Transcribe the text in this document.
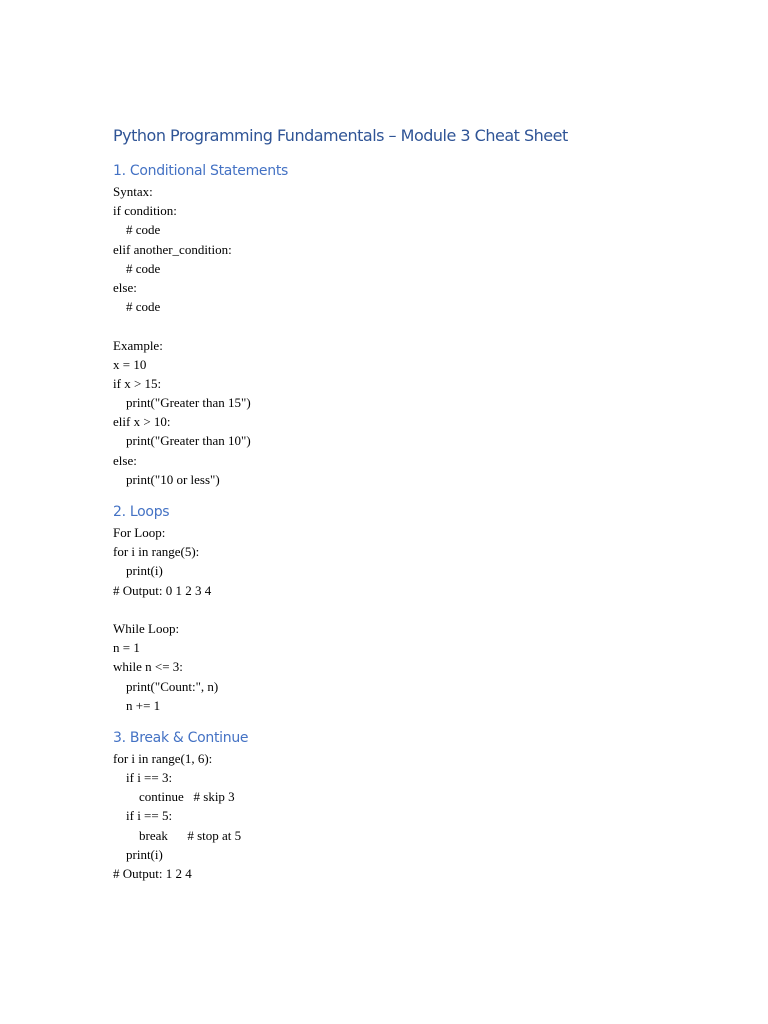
Python Programming Fundamentals – Module 3 Cheat Sheet
1. Conditional Statements
Syntax:
if condition:
# code
elif another_condition:
# code
else:
# code
Example:
x = 10
if x > 15:
print("Greater than 15")
elif x > 10:
print("Greater than 10")
else:
print("10 or less")
2. Loops
For Loop:
for i in range(5):
print(i)
# Output: 0 1 2 3 4
While Loop:
n = 1
while n <= 3:
print("Count:", n)
n += 1
3. Break & Continue
for i in range(1, 6):
if i == 3:
continue   # skip 3
if i == 5:
break      # stop at 5
print(i)
# Output: 1 2 4
